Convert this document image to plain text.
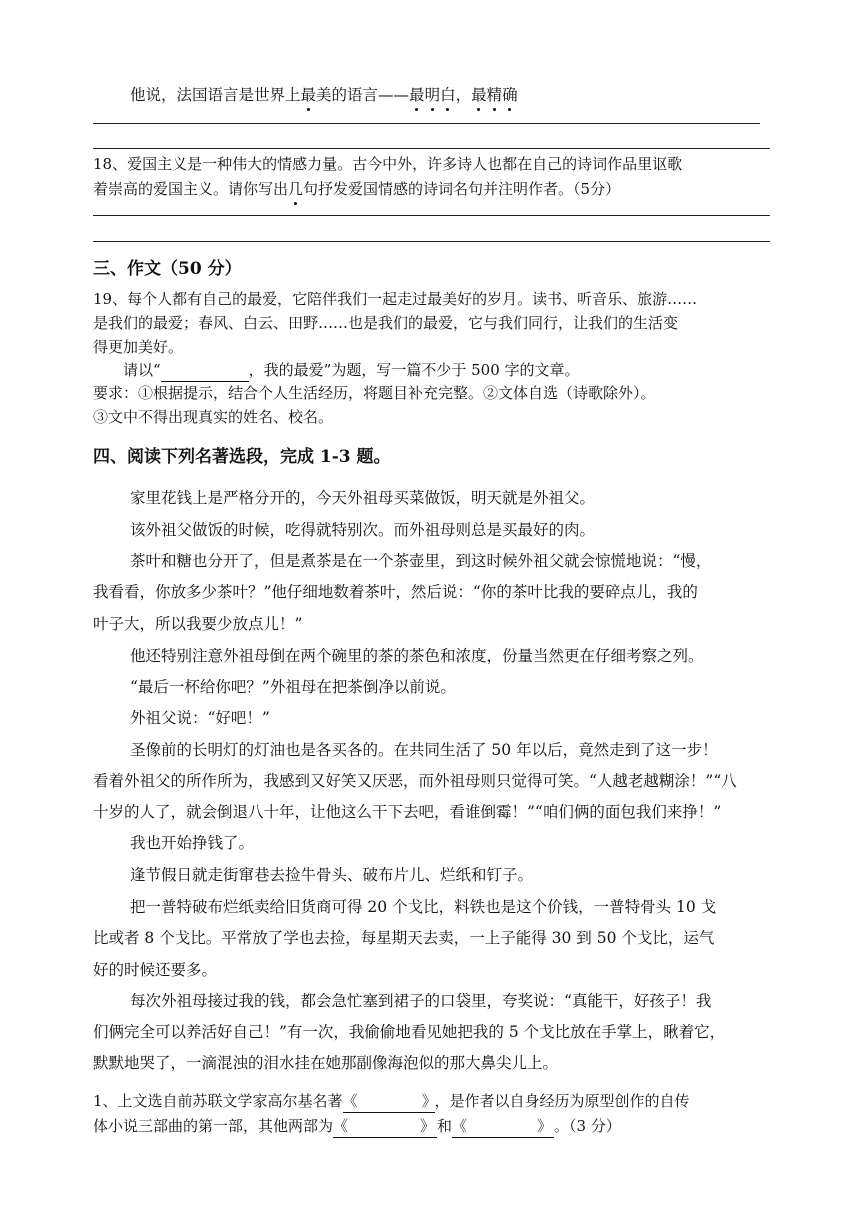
他说，法国语言是世界上最美的语言——最明白，最精确
18、爱国主义是一种伟大的情感力量。古今中外，许多诗人也都在自己的诗词作品里讴歌
着崇高的爱国主义。请你写出几句抒发爱国情感的诗词名句并注明作者。（5分）
三、作文（50 分）
19、每个人都有自己的最爱，它陪伴我们一起走过最美好的岁月。读书、听音乐、旅游……
是我们的最爱；春风、白云、田野……也是我们的最爱，它与我们同行，让我们的生活变
得更加美好。
请以“	，我的最爱”为题，写一篇不少于 500 字的文章。
要求：①根据提示，结合个人生活经历，将题目补充完整。②文体自选（诗歌除外）。
③文中不得出现真实的姓名、校名。
四、阅读下列名著选段，完成 1-3 题。
家里花钱上是严格分开的，今天外祖母买菜做饭，明天就是外祖父。
该外祖父做饭的时候，吃得就特别次。而外祖母则总是买最好的肉。
茶叶和糖也分开了，但是煮茶是在一个茶壶里，到这时候外祖父就会惊慌地说：“慢，
我看看，你放多少茶叶？”他仔细地数着茶叶，然后说：“你的茶叶比我的要碎点儿，我的
叶子大，所以我要少放点儿！”
他还特别注意外祖母倒在两个碗里的茶的茶色和浓度，份量当然更在仔细考察之列。
“最后一杯给你吧？”外祖母在把茶倒净以前说。
外祖父说：“好吧！”
圣像前的长明灯的灯油也是各买各的。在共同生活了 50 年以后，竟然走到了这一步！
看着外祖父的所作所为，我感到又好笑又厌恶，而外祖母则只觉得可笑。“人越老越糊涂！”“八
十岁的人了，就会倒退八十年，让他这么干下去吧，看谁倒霉！”“咱们俩的面包我们来挣！”
我也开始挣钱了。
逢节假日就走街窜巷去捡牛骨头、破布片儿、烂纸和钉子。
把一普特破布烂纸卖给旧货商可得 20 个戈比，料铁也是这个价钱，一普特骨头 10 戈
比或者 8 个戈比。平常放了学也去捡，每星期天去卖，一上子能得 30 到 50 个戈比，运气
好的时候还要多。
每次外祖母接过我的钱，都会急忙塞到裙子的口袋里，夸奖说：“真能干，好孩子！我
们俩完全可以养活好自己！”有一次，我偷偷地看见她把我的 5 个戈比放在手掌上，瞅着它，
默默地哭了，一滴混浊的泪水挂在她那副像海泡似的那大鼻尖儿上。
1、上文选自前苏联文学家高尔基名著《	》，是作者以自身经历为原型创作的自传
体小说三部曲的第一部，其他两部为《	》 和《	》 。（3 分）
